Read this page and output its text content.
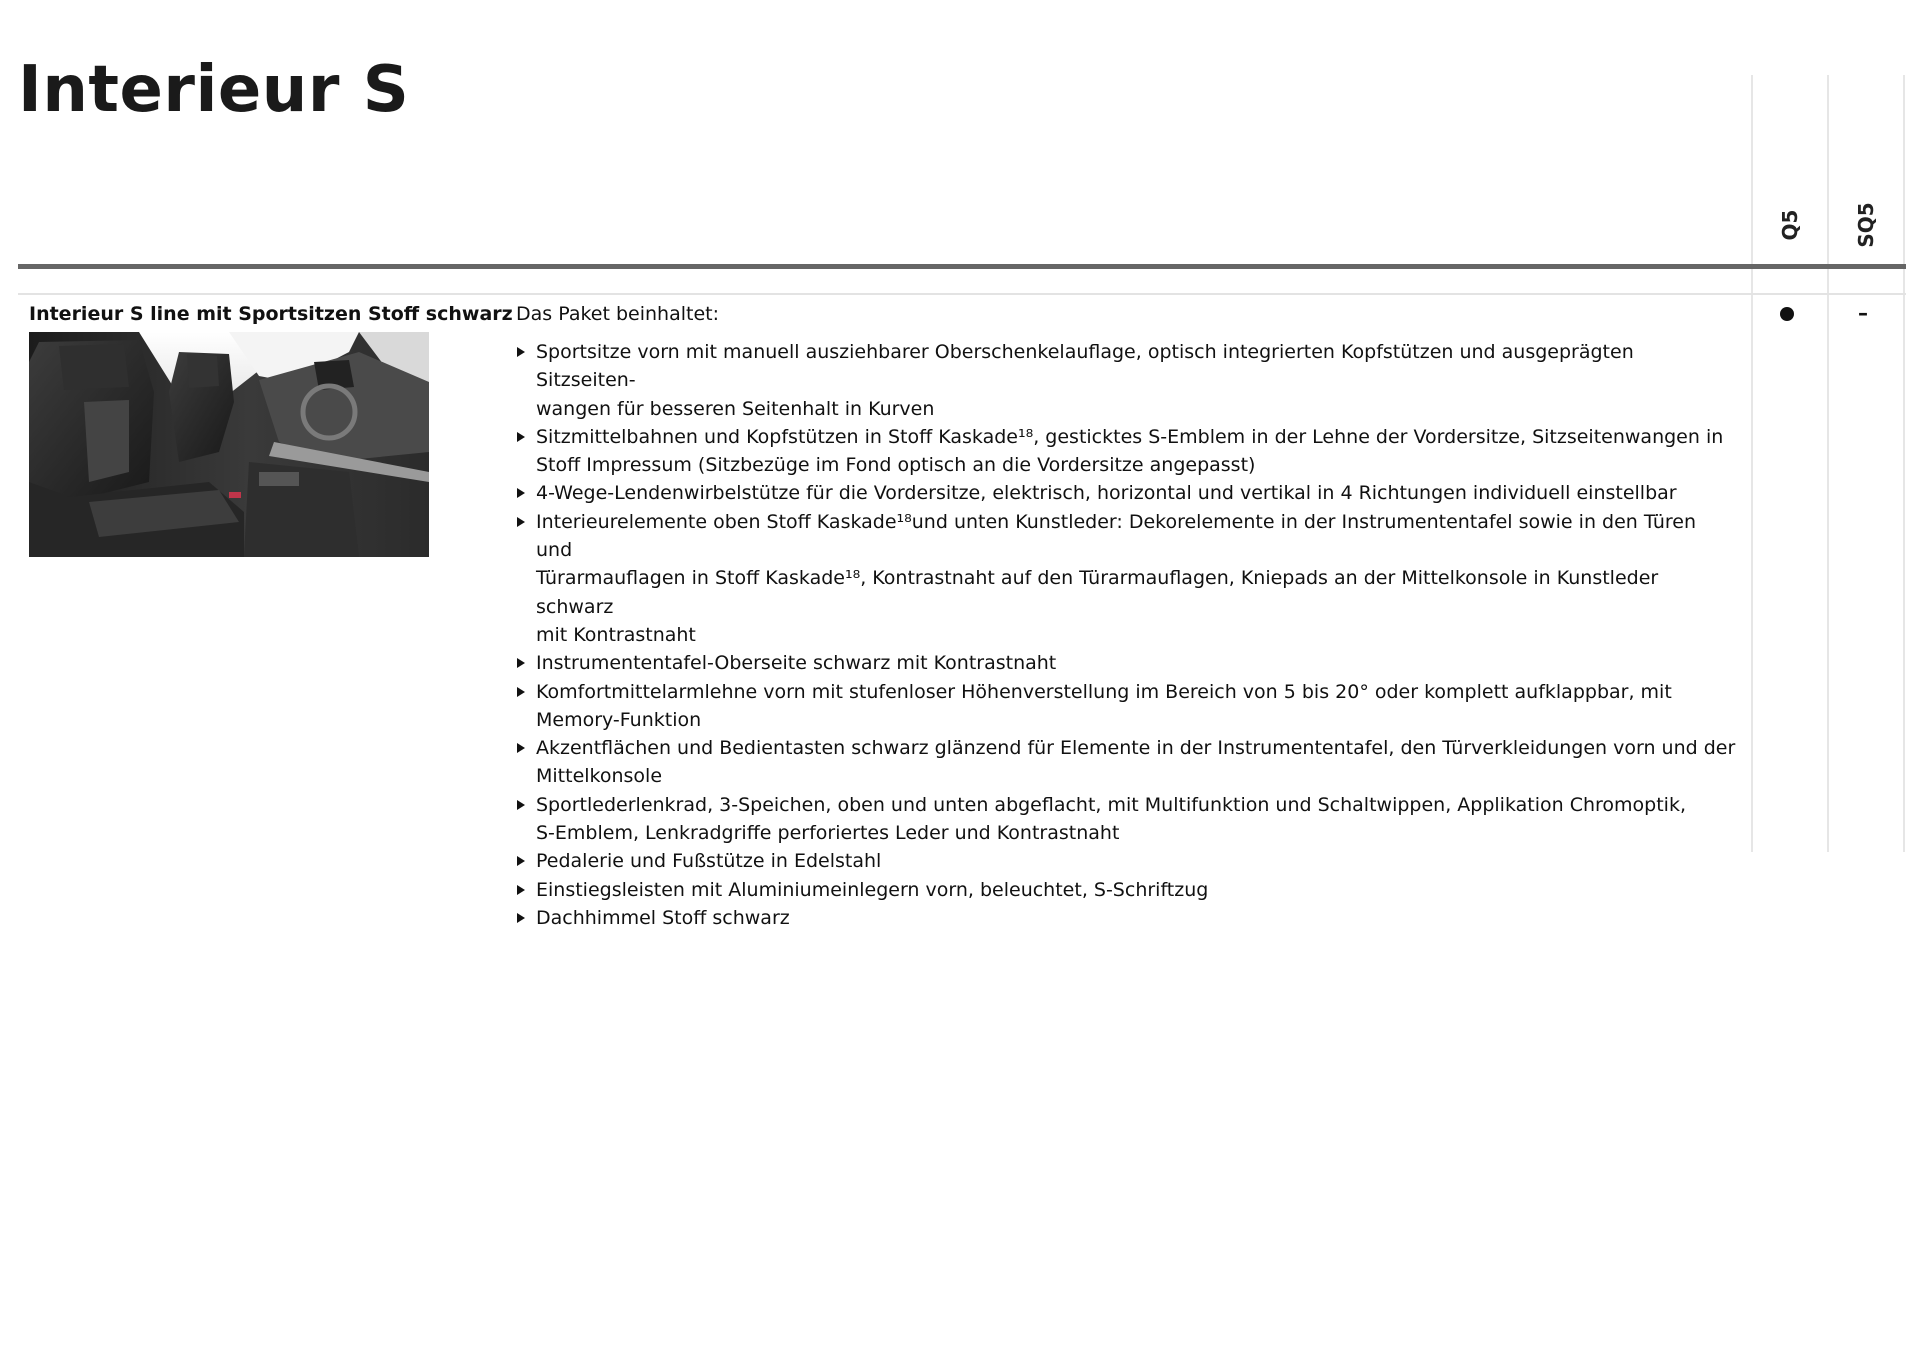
Interieur S
Q5	SQ5
Interieur S line mit Sportsitzen Stoff schwarz Das Paket beinhaltet:
Sportsitze vorn mit manuell ausziehbarer Oberschenkelauflage, optisch integrierten Kopfstützen und ausgeprägten Sitzseiten-
wangen für besseren Seitenhalt in Kurven
Sitzmittelbahnen und Kopfstützen in Stoff Kaskade¹⁸, gesticktes S-Emblem in der Lehne der Vordersitze, Sitzseitenwangen in
Stoff Impressum (Sitzbezüge im Fond optisch an die Vordersitze angepasst)
4-Wege-Lendenwirbelstütze für die Vordersitze, elektrisch, horizontal und vertikal in 4 Richtungen individuell einstellbar
Interieurelemente oben Stoff Kaskade¹⁸und unten Kunstleder: Dekorelemente in der Instrumententafel sowie in den Türen und
Türarmauflagen in Stoff Kaskade¹⁸, Kontrastnaht auf den Türarmauflagen, Kniepads an der Mittelkonsole in Kunstleder schwarz
mit Kontrastnaht
Instrumententafel-Oberseite schwarz mit Kontrastnaht
Komfortmittelarmlehne vorn mit stufenloser Höhenverstellung im Bereich von 5 bis 20° oder komplett aufklappbar, mit
Memory-Funktion
Akzentflächen und Bedientasten schwarz glänzend für Elemente in der Instrumententafel, den Türverkleidungen vorn und der
Mittelkonsole
Sportlederlenkrad, 3-Speichen, oben und unten abgeflacht, mit Multifunktion und Schaltwippen, Applikation Chromoptik,
S-Emblem, Lenkradgriffe perforiertes Leder und Kontrastnaht
Pedalerie und Fußstütze in Edelstahl
Einstiegsleisten mit Aluminiumeinlegern vorn, beleuchtet, S-Schriftzug
Dachhimmel Stoff schwarz
–
